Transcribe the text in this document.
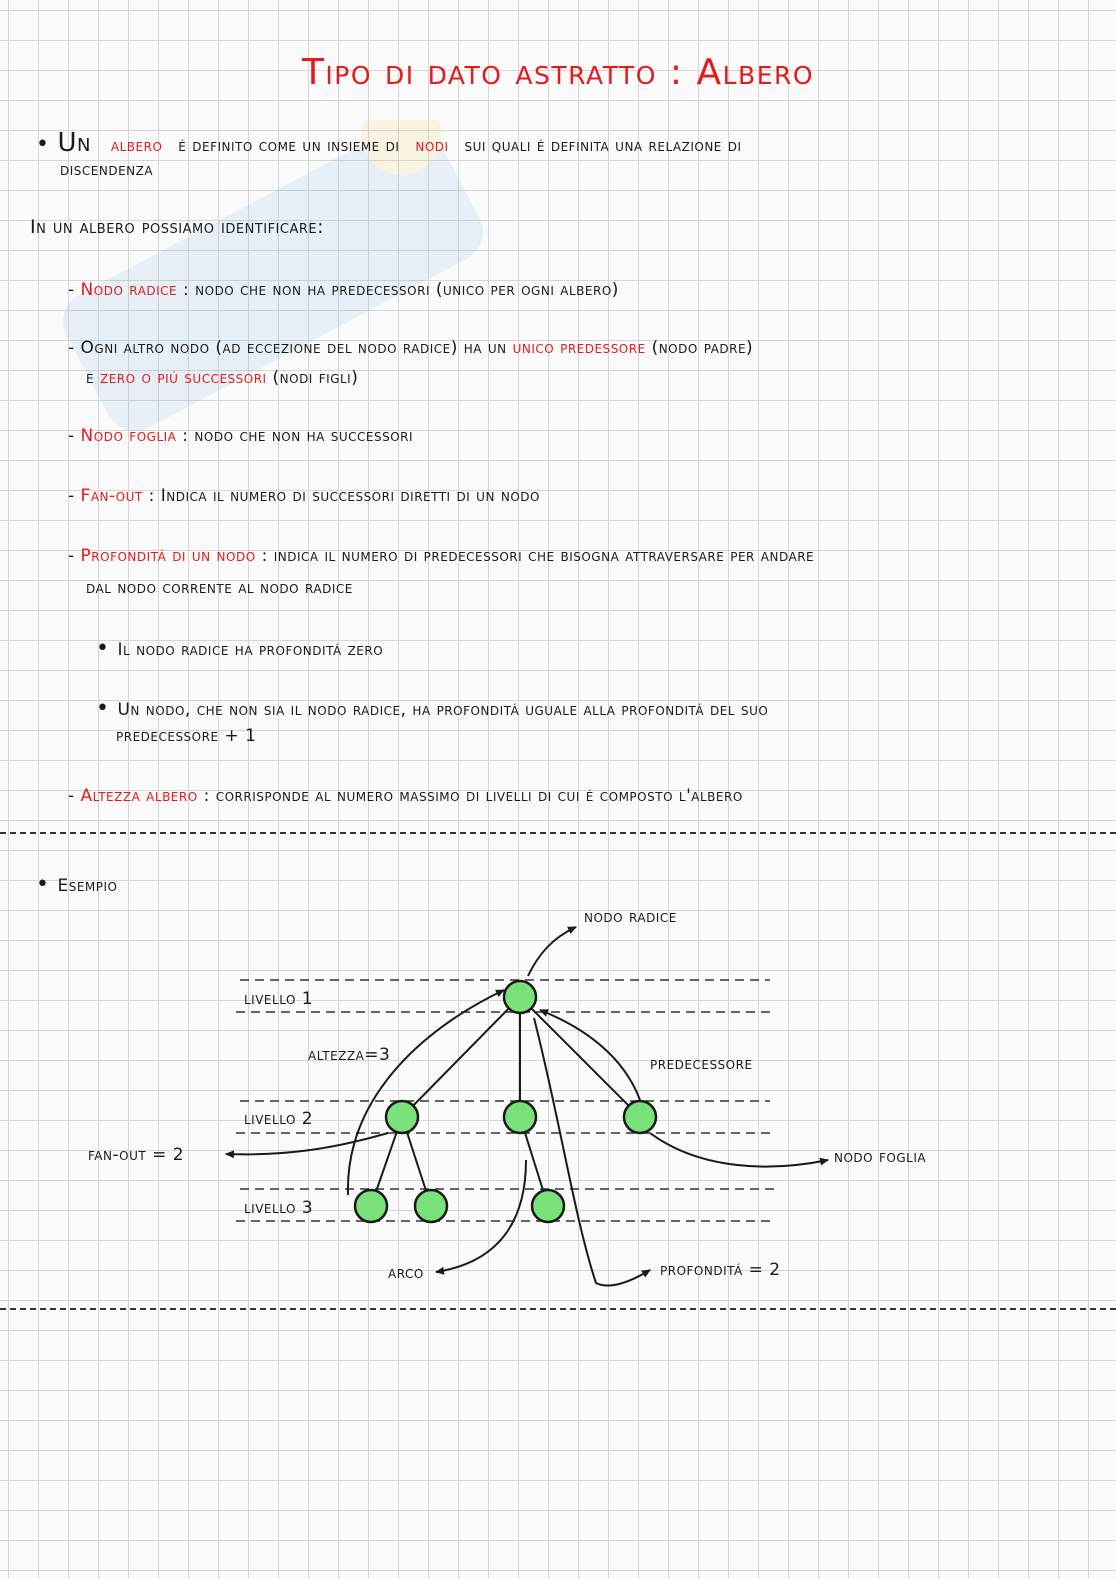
Tipo di dato astratto : Albero
• Un albero é definito come un insieme di nodi sui quali é definita una relazione di
discendenza
In un albero possiamo identificare:
- Nodo radice : nodo che non ha predecessori (unico per ogni albero)
- Ogni altro nodo (ad eccezione del nodo radice) ha un unico predessore (nodo padre)
e zero o piú successori (nodi figli)
- Nodo foglia : nodo che non ha successori
- Fan-out : Indica il numero di successori diretti di un nodo
- Profonditá di un nodo : indica il numero di predecessori che bisogna attraversare per andare
dal nodo corrente al nodo radice
• Il nodo radice ha profonditá zero
• Un nodo, che non sia il nodo radice, ha profonditá uguale alla profonditá del suo
predecessore + 1
- Altezza albero : corrisponde al numero massimo di livelli di cui é composto l'albero
• Esempio
nodo radice
livello 1
livello 2
livello 3
altezza=3	predecessore
fan-out = 2	nodo foglia
arco	profonditá = 2
